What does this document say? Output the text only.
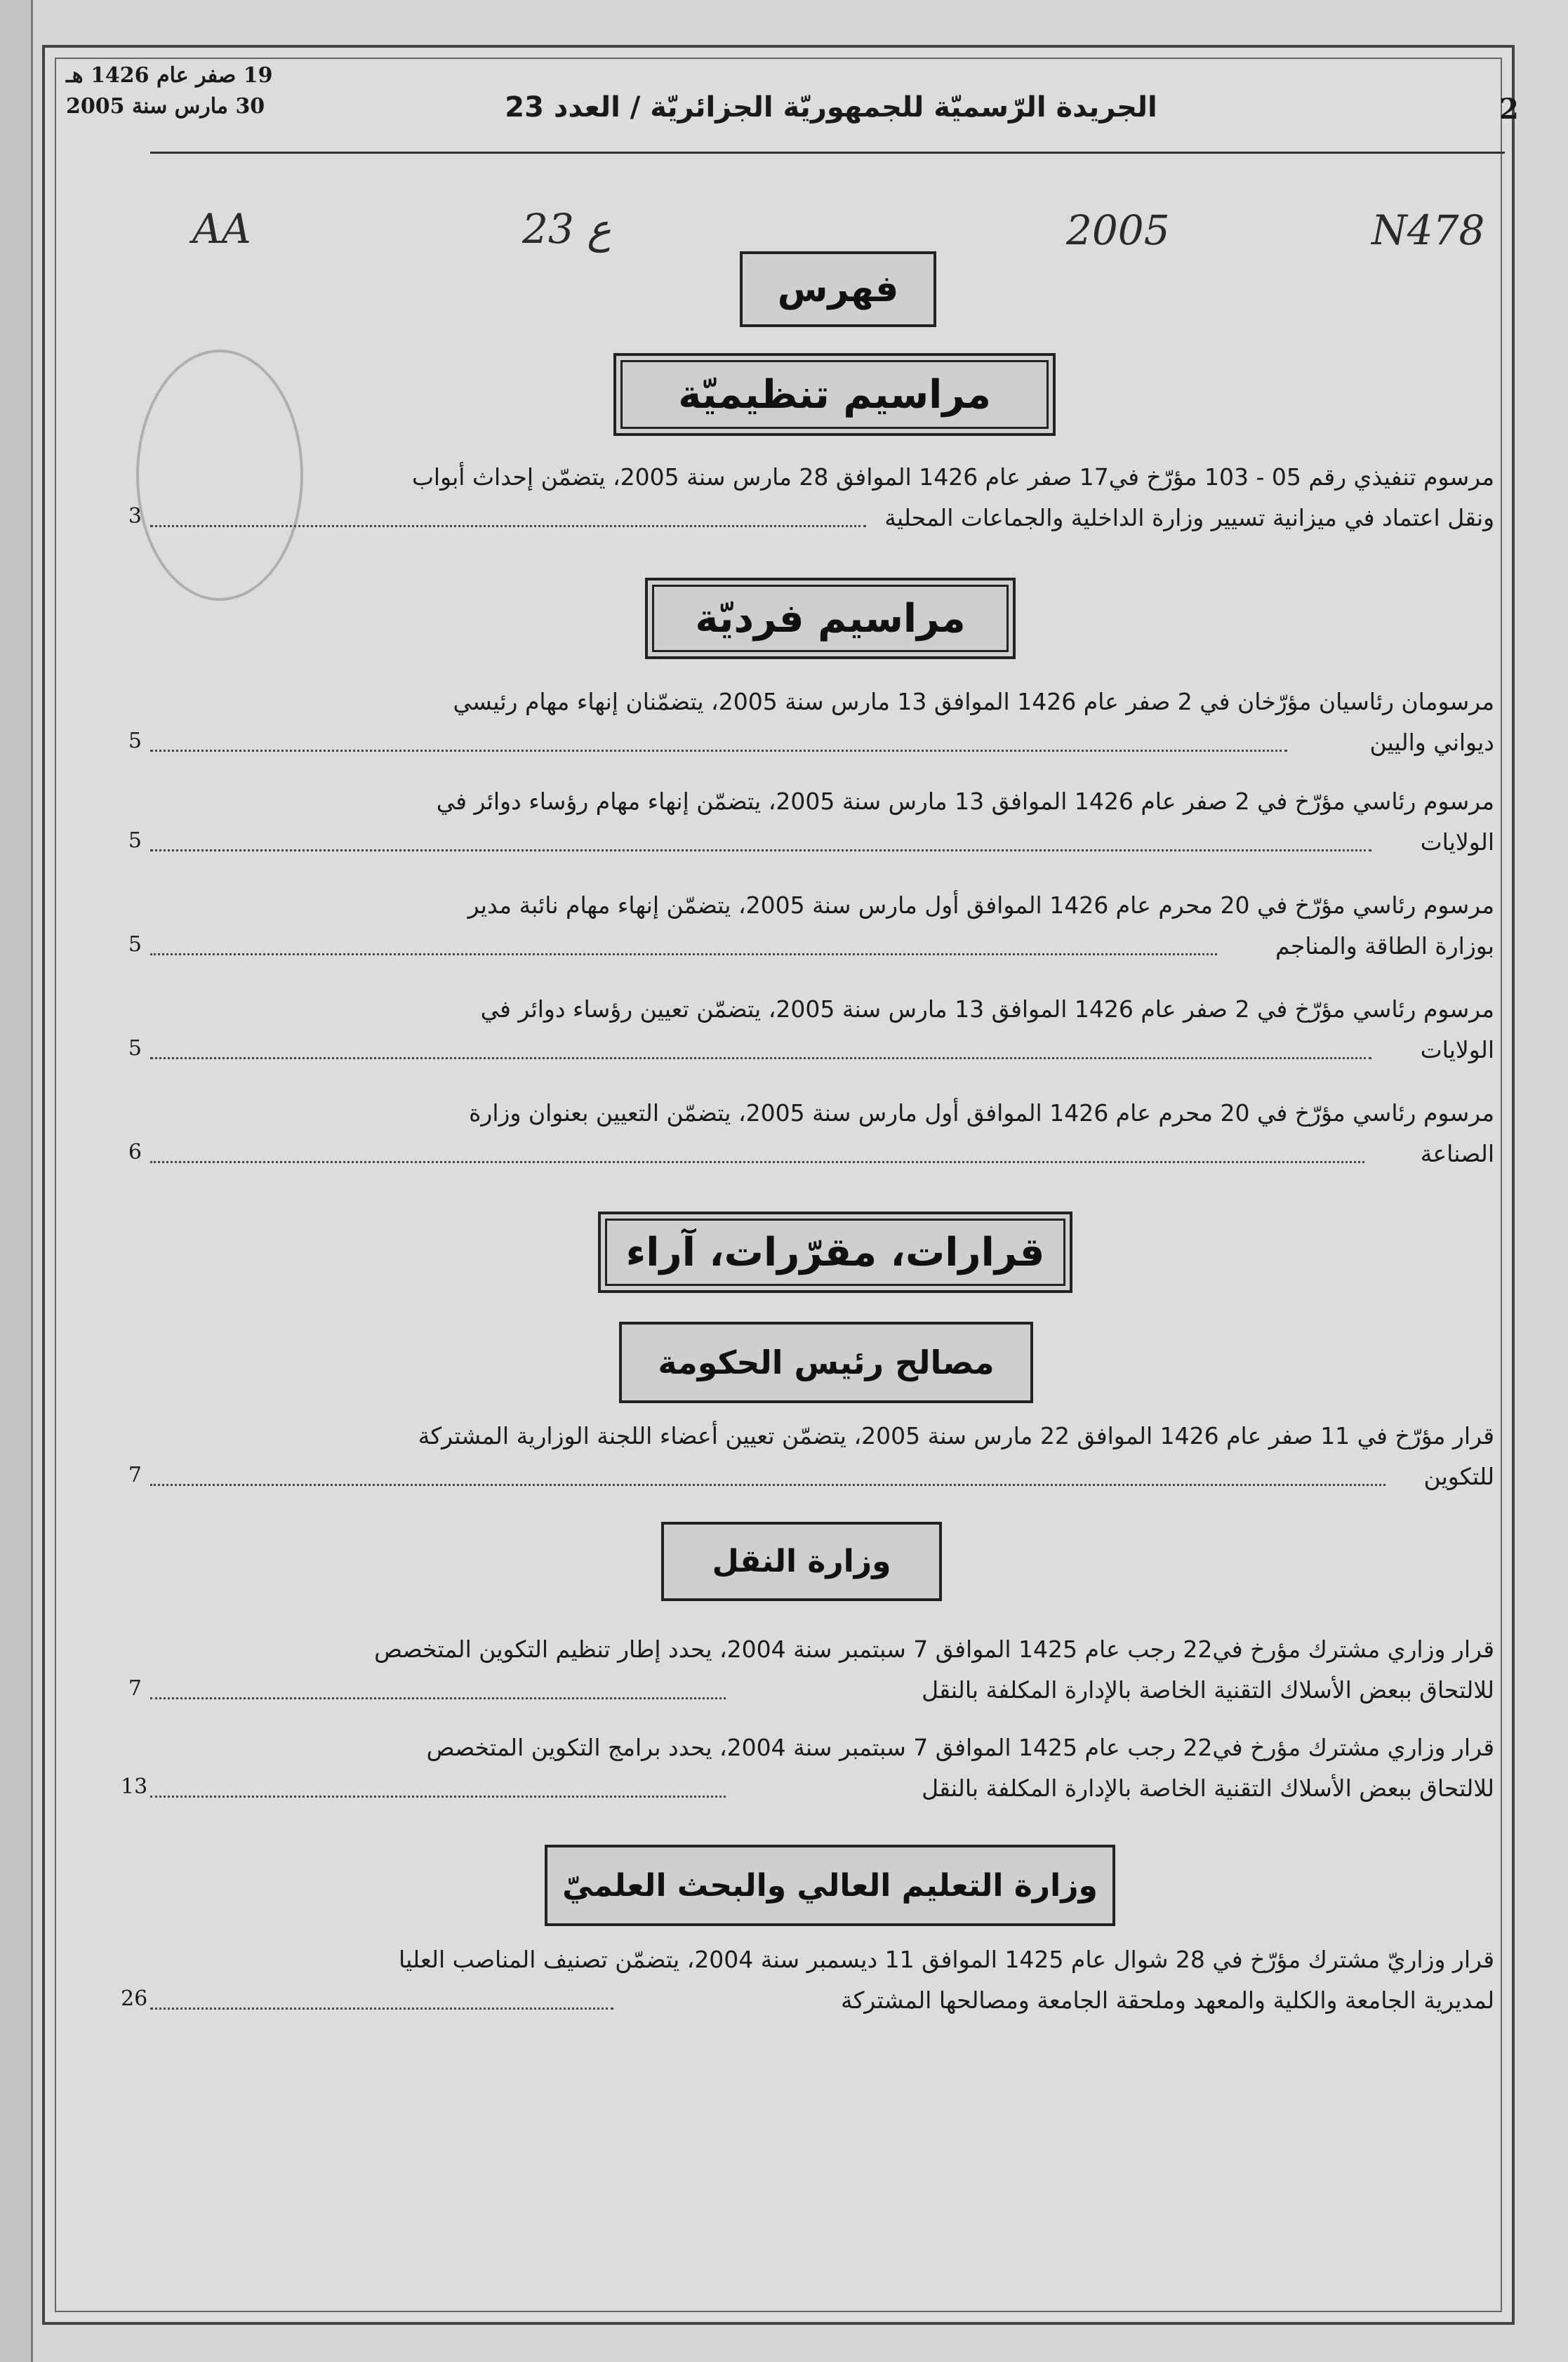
19 صفر عام 1426 هـ
30 مارس سنة 2005	الجريدة الرّسميّة للجمهوريّة الجزائريّة / العدد 23	2
AA	23 ع	2005	N478
فهرس
مراسيم تنظيميّة
مرسوم تنفيذي رقم 05 - 103 مؤرّخ في17 صفر عام 1426 الموافق 28 مارس سنة 2005، يتضمّن إحداث أبواب
ونقل اعتماد في ميزانية تسيير وزارة الداخلية والجماعات المحلية
3
مراسيم فرديّة
مرسومان رئاسيان مؤرّخان في 2 صفر عام 1426 الموافق 13 مارس سنة 2005، يتضمّنان إنهاء مهام رئيسي
ديواني واليين
5
مرسوم رئاسي مؤرّخ في 2 صفر عام 1426 الموافق 13 مارس سنة 2005، يتضمّن إنهاء مهام رؤساء دوائر في
الولايات
5
مرسوم رئاسي مؤرّخ في 20 محرم عام 1426 الموافق أول مارس سنة 2005، يتضمّن إنهاء مهام نائبة مدير
بوزارة الطاقة والمناجم
5
مرسوم رئاسي مؤرّخ في 2 صفر عام 1426 الموافق 13 مارس سنة 2005، يتضمّن تعيين رؤساء دوائر في
الولايات
5
مرسوم رئاسي مؤرّخ في 20 محرم عام 1426 الموافق أول مارس سنة 2005، يتضمّن التعيين بعنوان وزارة
الصناعة
6
قرارات، مقرّرات، آراء
مصالح رئيس الحكومة
قرار مؤرّخ في 11 صفر عام 1426 الموافق 22 مارس سنة 2005، يتضمّن تعيين أعضاء اللجنة الوزارية المشتركة
للتكوين
7
وزارة النقل
قرار وزاري مشترك مؤرخ في22 رجب عام 1425 الموافق 7 سبتمبر سنة 2004، يحدد إطار تنظيم التكوين المتخصص
للالتحاق ببعض الأسلاك التقنية الخاصة بالإدارة المكلفة بالنقل
7
قرار وزاري مشترك مؤرخ في22 رجب عام 1425 الموافق 7 سبتمبر سنة 2004، يحدد برامج التكوين المتخصص
للالتحاق ببعض الأسلاك التقنية الخاصة بالإدارة المكلفة بالنقل
13
وزارة التعليم العالي والبحث العلميّ
قرار وزاريّ مشترك مؤرّخ في 28 شوال عام 1425 الموافق 11 ديسمبر سنة 2004، يتضمّن تصنيف المناصب العليا
لمديرية الجامعة والكلية والمعهد وملحقة الجامعة ومصالحها المشتركة
26
